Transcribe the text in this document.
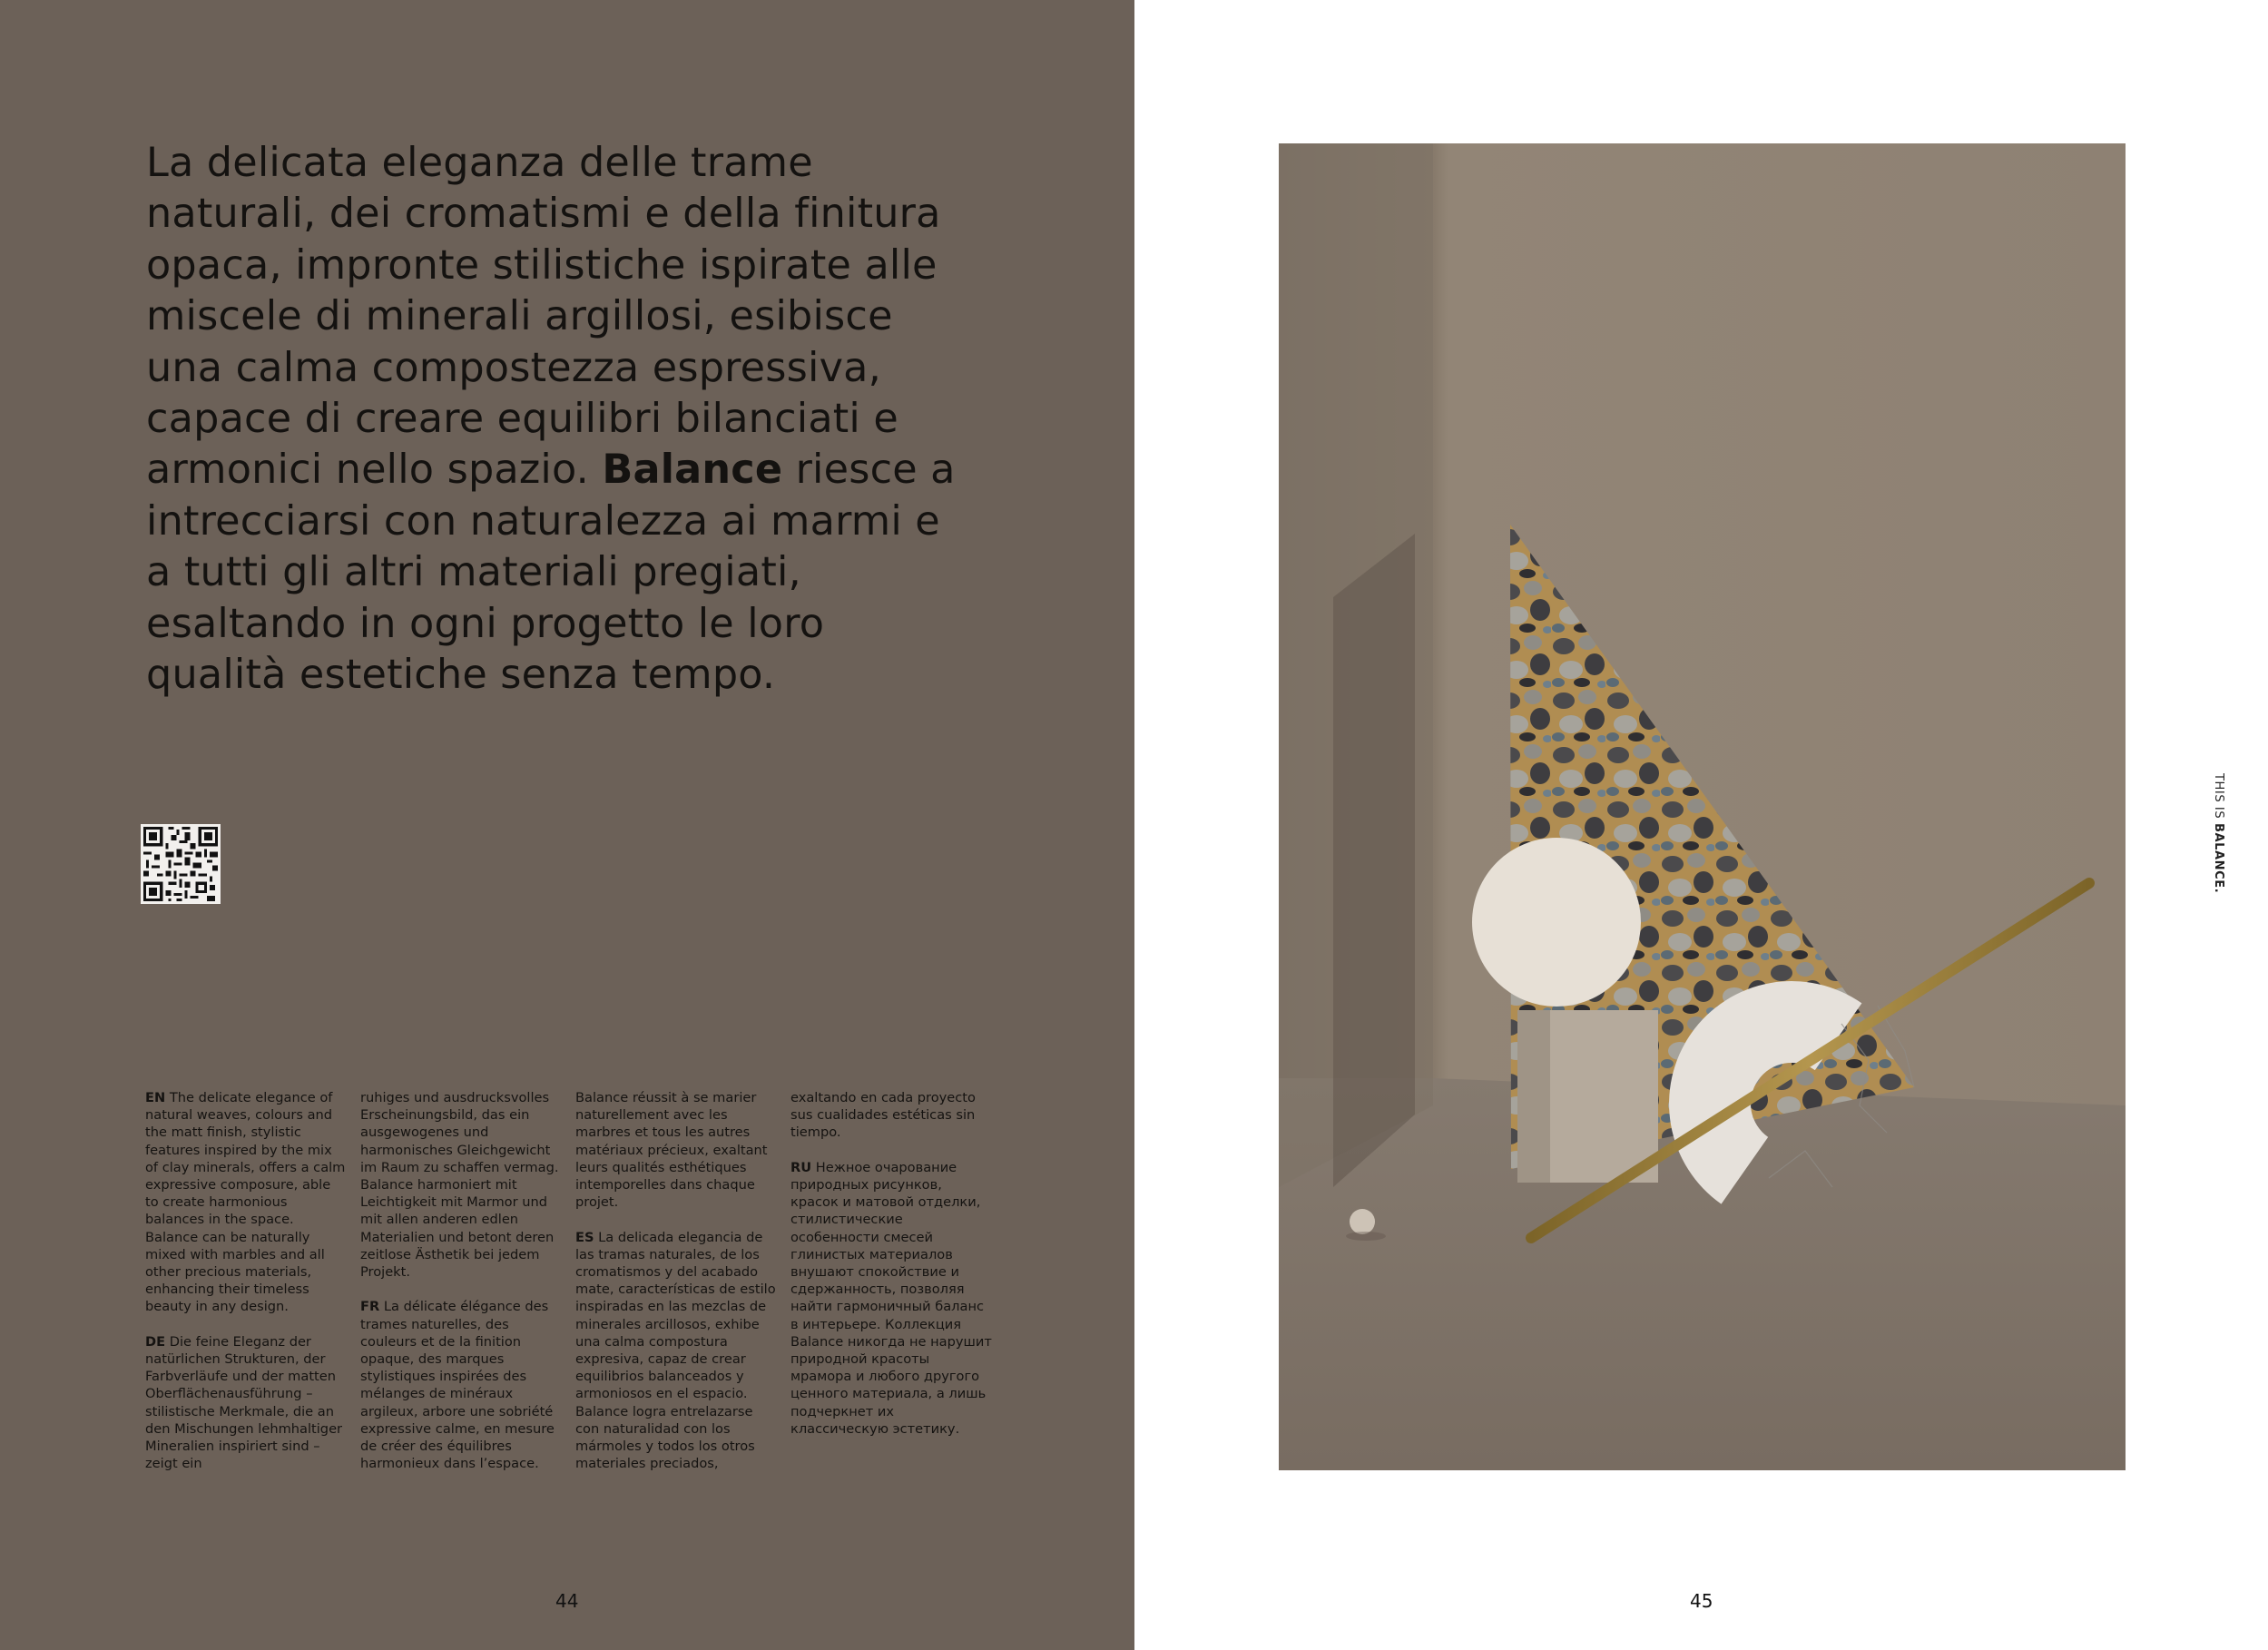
La delicata eleganza delle trame naturali, dei cromatismi e della finitura opaca, impronte stilistiche ispirate alle miscele di minerali argillosi, esibisce una calma compostezza espressiva, capace di creare equilibri bilanciati e armonici nello spazio. Balance riesce a intrecciarsi con naturalezza ai marmi e a tutti gli altri materiali pregiati, esaltando in ogni progetto le loro qualità estetiche senza tempo.

EN The delicate elegance of natural weaves, colours and the matt finish, stylistic features inspired by the mix of clay minerals, offers a calm expressive composure, able to create harmonious balances in the space. Balance can be naturally mixed with marbles and all other precious materials, enhancing their timeless beauty in any design.

DE Die feine Eleganz der natürlichen Strukturen, der Farbverläufe und der matten Oberflächenausführung – stilistische Merkmale, die an den Mischungen lehmhaltiger Mineralien inspiriert sind – zeigt ein

ruhiges und ausdrucksvolles Erscheinungsbild, das ein ausgewogenes und harmonisches Gleichgewicht im Raum zu schaffen vermag. Balance harmoniert mit Leichtigkeit mit Marmor und mit allen anderen edlen Materialien und betont deren zeitlose Ästhetik bei jedem Projekt.

FR La délicate élégance des trames naturelles, des couleurs et de la finition opaque, des marques stylistiques inspirées des mélanges de minéraux argileux, arbore une sobriété expressive calme, en mesure de créer des équilibres harmonieux dans l’espace.

Balance réussit à se marier naturellement avec les marbres et tous les autres matériaux précieux, exaltant leurs qualités esthétiques intemporelles dans chaque projet.

ES La delicada elegancia de las tramas naturales, de los cromatismos y del acabado mate, características de estilo inspiradas en las mezclas de minerales arcillosos, exhibe una calma compostura expresiva, capaz de crear equilibrios balanceados y armoniosos en el espacio. Balance logra entrelazarse con naturalidad con los mármoles y todos los otros materiales preciados,

exaltando en cada proyecto sus cualidades estéticas sin tiempo.

RU Нежное очарование природных рисунков, красок и матовой отделки, стилистические особенности смесей глинистых материалов внушают спокойствие и сдержанность, позволяя найти гармоничный баланс в интерьере. Коллекция Balance никогда не нарушит природной красоты мрамора и любого другого ценного материала, а лишь подчеркнет их классическую эстетику.

44	45
THIS IS BALANCE.
